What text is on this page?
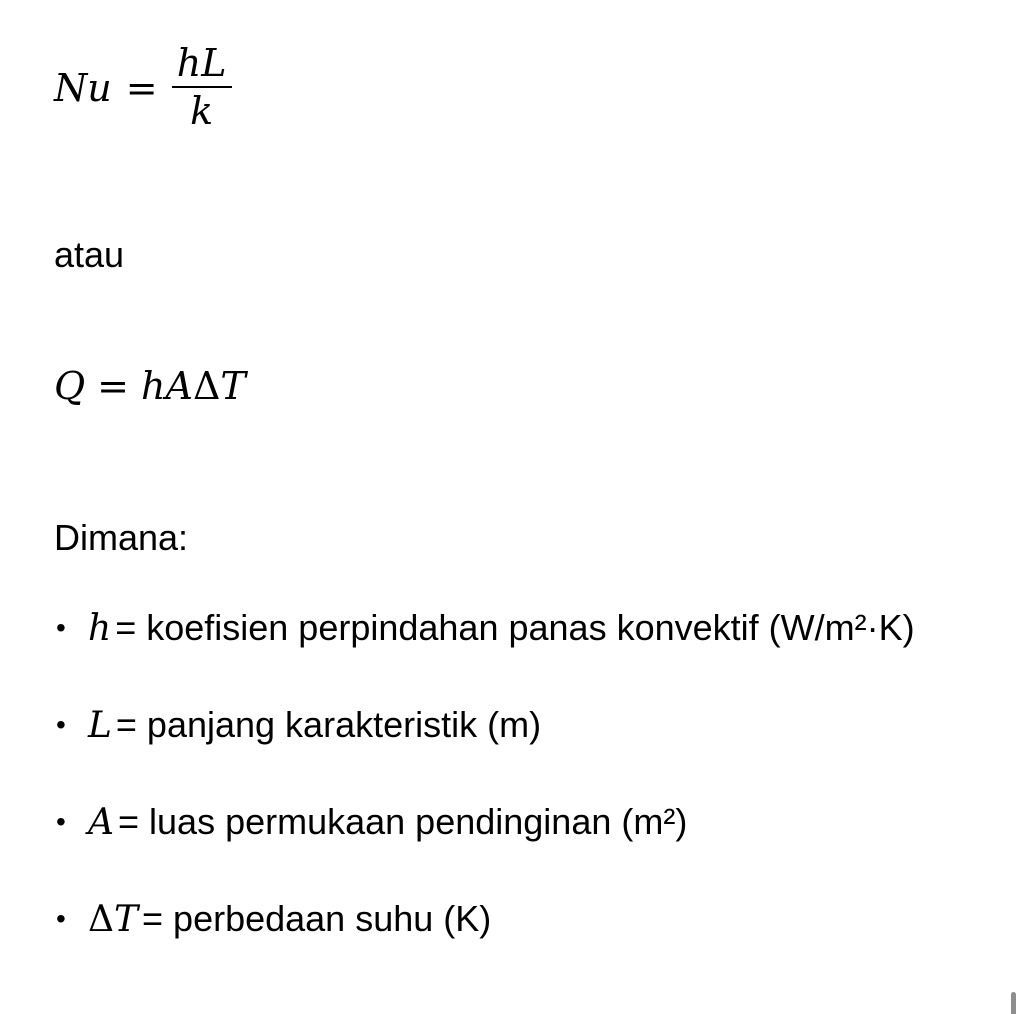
$Nu = \frac{hL}{k}$
atau
Q = hAΔT
Dimana:
• h = koefisien perpindahan panas konvektif (W/m²·K)
• L = panjang karakteristik (m)
• A = luas permukaan pendinginan (m²)
• ΔT = perbedaan suhu (K)
